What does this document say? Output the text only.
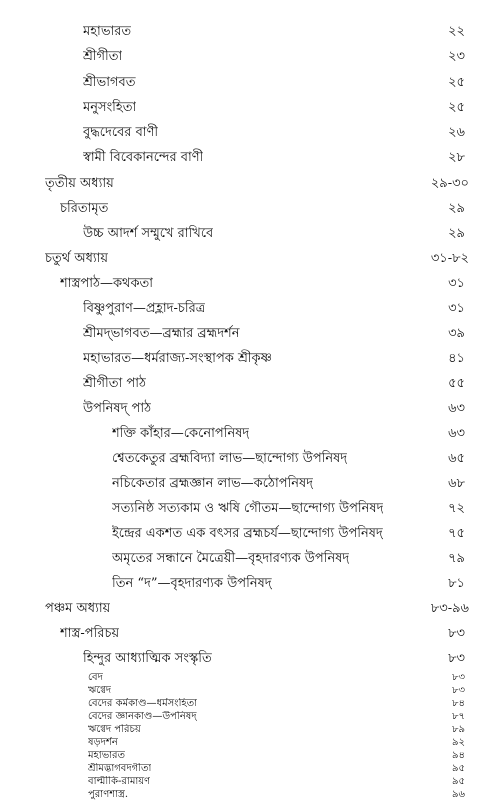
মহাভারত	২২
শ্রীগীতা	২৩
শ্রীভাগবত	২৫
মনুসংহিতা	২৫
বুদ্ধদেবের বাণী	২৬
স্বামী বিবেকানন্দের বাণী	২৮
তৃতীয় অধ্যায়	২৯-৩০
চরিতামৃত	২৯
উচ্চ আদর্শ সম্মুখে রাখিবে	২৯
চতুর্থ অধ্যায়	৩১-৮২
শাস্ত্রপাঠ—কথকতা	৩১
বিষ্ণুপুরাণ—প্রহ্লাদ-চরিত্র	৩১
শ্রীমদ্‌ভাগবত—ব্রহ্মার ব্রহ্মদর্শন	৩৯
মহাভারত—ধর্মরাজ্য-সংস্থাপক শ্রীকৃষ্ণ	৪১
শ্রীগীতা পাঠ	৫৫
উপনিষদ্‌ পাঠ	৬৩
শক্তি কাঁহার—কেনোপনিষদ্‌	৬৩
শ্বেতকেতুর ব্রহ্মবিদ্যা লাভ—ছান্দোগ্য উপনিষদ্‌	৬৫
নচিকেতার ব্রহ্মজ্ঞান লাভ—কঠোপনিষদ্‌	৬৮
সত্যনিষ্ঠ সত্যকাম ও ঋষি গৌতম—ছান্দোগ্য উপনিষদ্‌	৭২
ইন্দ্রের একশত এক বৎসর ব্রহ্মচর্য—ছান্দোগ্য উপনিষদ্‌	৭৫
অমৃতের সন্ধানে মৈত্রেয়ী—বৃহদারণ্যক উপনিষদ্‌	৭৯
তিন “দ”—বৃহদারণ্যক উপনিষদ্‌	৮১
পঞ্চম অধ্যায়	৮৩-৯৬
শাস্ত্র-পরিচয়	৮৩
হিন্দুর আধ্যাত্মিক সংস্কৃতি	৮৩
বেদ	৮৩
ঋগ্বেদ	৮৩
বেদের কর্মকাণ্ড—ধর্মসংহিতা	৮৪
বেদের জ্ঞানকাণ্ড—উপনিষদ্‌	৮৭
ঋগ্বেদ পরিচয়	৮৯
ষড়দর্শন	৯২
মহাভারত	৯৪
শ্রীমদ্ভাগবদগীতা	৯৫
বাল্মীকি-রামায়ণ	৯৫
পুরাণশাস্ত্র.	৯৬
